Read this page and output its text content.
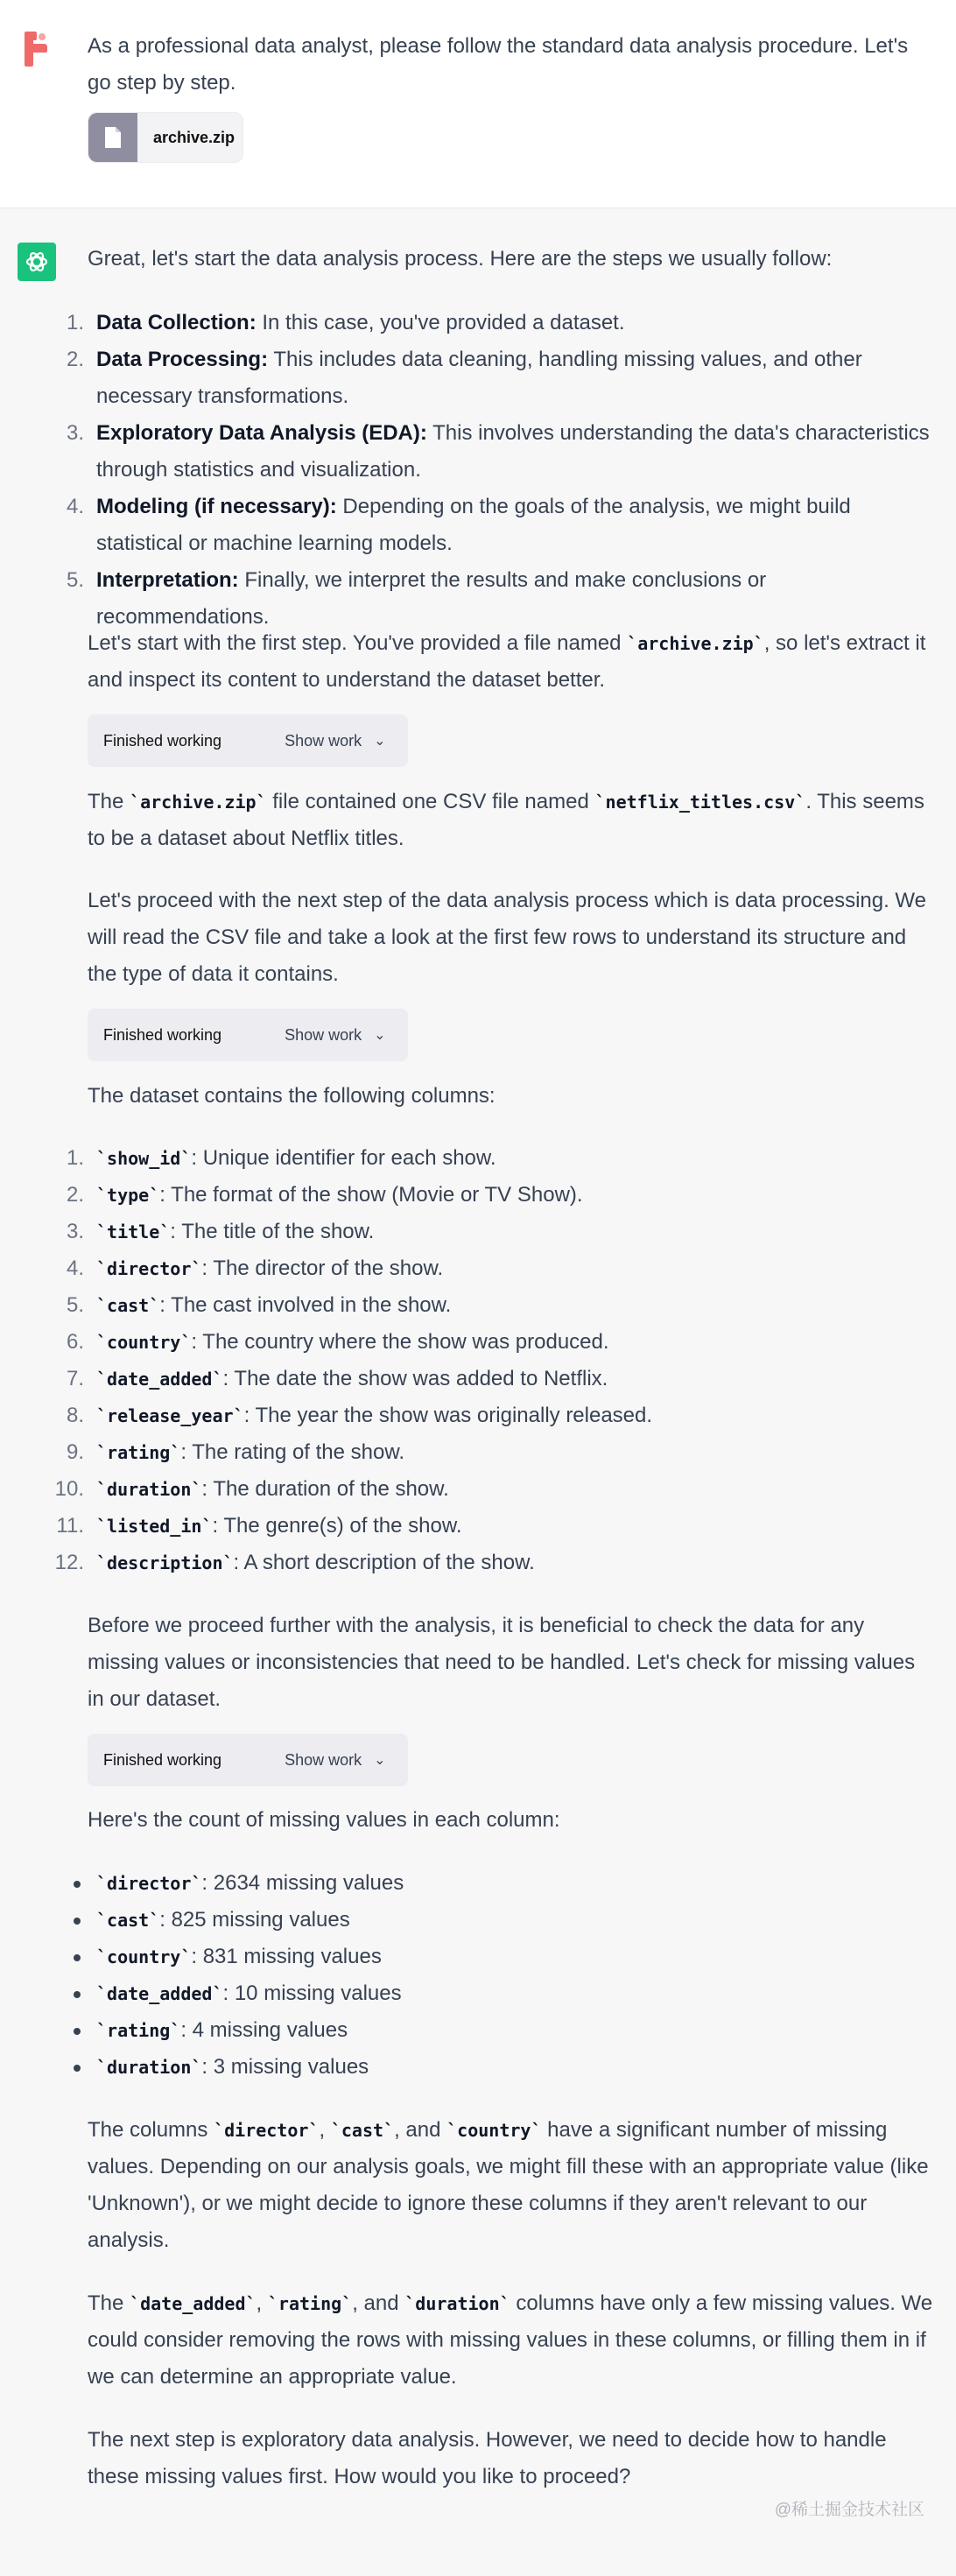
As a professional data analyst, please follow the standard data analysis procedure. Let's go step by step.

archive.zip

Great, let's start the data analysis process. Here are the steps we usually follow:

1. Data Collection: In this case, you've provided a dataset.
2. Data Processing: This includes data cleaning, handling missing values, and other necessary transformations.
3. Exploratory Data Analysis (EDA): This involves understanding the data's characteristics through statistics and visualization.
4. Modeling (if necessary): Depending on the goals of the analysis, we might build statistical or machine learning models.
5. Interpretation: Finally, we interpret the results and make conclusions or recommendations.

Let's start with the first step. You've provided a file named `archive.zip`, so let's extract it and inspect its content to understand the dataset better.

Finished working	Show work ⌄

The `archive.zip` file contained one CSV file named `netflix_titles.csv`. This seems to be a dataset about Netflix titles.

Let's proceed with the next step of the data analysis process which is data processing. We will read the CSV file and take a look at the first few rows to understand its structure and the type of data it contains.

Finished working	Show work ⌄

The dataset contains the following columns:

1. `show_id`: Unique identifier for each show.
2. `type`: The format of the show (Movie or TV Show).
3. `title`: The title of the show.
4. `director`: The director of the show.
5. `cast`: The cast involved in the show.
6. `country`: The country where the show was produced.
7. `date_added`: The date the show was added to Netflix.
8. `release_year`: The year the show was originally released.
9. `rating`: The rating of the show.
10. `duration`: The duration of the show.
11. `listed_in`: The genre(s) of the show.
12. `description`: A short description of the show.

Before we proceed further with the analysis, it is beneficial to check the data for any missing values or inconsistencies that need to be handled. Let's check for missing values in our dataset.

Finished working	Show work ⌄

Here's the count of missing values in each column:

`director`: 2634 missing values
`cast`: 825 missing values
`country`: 831 missing values
`date_added`: 10 missing values
`rating`: 4 missing values
`duration`: 3 missing values

The columns `director`, `cast`, and `country` have a significant number of missing values. Depending on our analysis goals, we might fill these with an appropriate value (like 'Unknown'), or we might decide to ignore these columns if they aren't relevant to our analysis.

The `date_added`, `rating`, and `duration` columns have only a few missing values. We could consider removing the rows with missing values in these columns, or filling them in if we can determine an appropriate value.

The next step is exploratory data analysis. However, we need to decide how to handle these missing values first. How would you like to proceed?

@稀土掘金技术社区
